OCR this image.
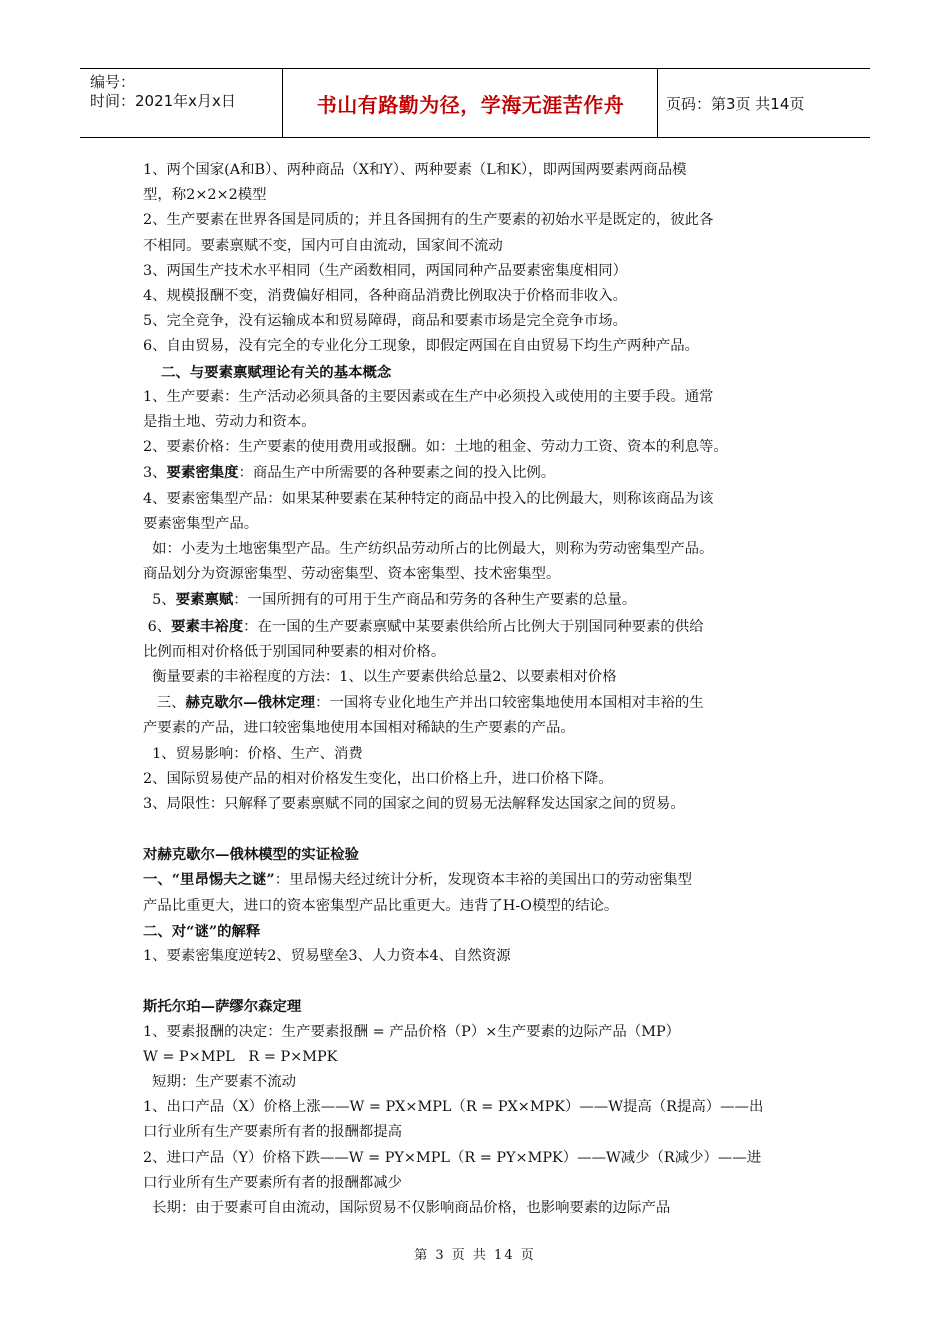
编号：
时间：2021年x月x日	书山有路勤为径，学海无涯苦作舟	页码：第3页 共14页

1、两个国家(A和B）、两种商品（X和Y）、两种要素（L和K），即两国两要素两商品模

型，称2×2×2模型

2、生产要素在世界各国是同质的；并且各国拥有的生产要素的初始水平是既定的，彼此各

不相同。要素禀赋不变，国内可自由流动，国家间不流动

3、两国生产技术水平相同（生产函数相同，两国同种产品要素密集度相同）

4、规模报酬不变，消费偏好相同，各种商品消费比例取决于价格而非收入。

5、完全竞争，没有运输成本和贸易障碍，商品和要素市场是完全竞争市场。

6、自由贸易，没有完全的专业化分工现象，即假定两国在自由贸易下均生产两种产品。

二、与要素禀赋理论有关的基本概念

1、生产要素：生产活动必须具备的主要因素或在生产中必须投入或使用的主要手段。通常

是指土地、劳动力和资本。

2、要素价格：生产要素的使用费用或报酬。如：土地的租金、劳动力工资、资本的利息等。

3、要素密集度：商品生产中所需要的各种要素之间的投入比例。

4、要素密集型产品：如果某种要素在某种特定的商品中投入的比例最大，则称该商品为该

要素密集型产品。

如：小麦为土地密集型产品。生产纺织品劳动所占的比例最大，则称为劳动密集型产品。

商品划分为资源密集型、劳动密集型、资本密集型、技术密集型。

5、要素禀赋：一国所拥有的可用于生产商品和劳务的各种生产要素的总量。

6、要素丰裕度：在一国的生产要素禀赋中某要素供给所占比例大于别国同种要素的供给

比例而相对价格低于别国同种要素的相对价格。

衡量要素的丰裕程度的方法：1、以生产要素供给总量2、以要素相对价格

三、赫克歇尔—俄林定理：一国将专业化地生产并出口较密集地使用本国相对丰裕的生

产要素的产品，进口较密集地使用本国相对稀缺的生产要素的产品。

1、贸易影响：价格、生产、消费

2、国际贸易使产品的相对价格发生变化，出口价格上升，进口价格下降。

3、局限性：只解释了要素禀赋不同的国家之间的贸易无法解释发达国家之间的贸易。

对赫克歇尔—俄林模型的实证检验

一、“里昂惕夫之谜”：里昂惕夫经过统计分析，发现资本丰裕的美国出口的劳动密集型

产品比重更大，进口的资本密集型产品比重更大。违背了H-O模型的结论。

二、对“谜”的解释

1、要素密集度逆转2、贸易壁垒3、人力资本4、自然资源

斯托尔珀—萨缪尔森定理

1、要素报酬的决定：生产要素报酬 = 产品价格（P）×生产要素的边际产品（MP）

W = P×MPL   R = P×MPK

短期：生产要素不流动

1、出口产品（X）价格上涨——W = PX×MPL（R = PX×MPK）——W提高（R提高）——出

口行业所有生产要素所有者的报酬都提高

2、进口产品（Y）价格下跌——W = PY×MPL（R = PY×MPK）——W减少（R减少）——进

口行业所有生产要素所有者的报酬都减少

长期：由于要素可自由流动，国际贸易不仅影响商品价格，也影响要素的边际产品

第 3 页 共 14 页
